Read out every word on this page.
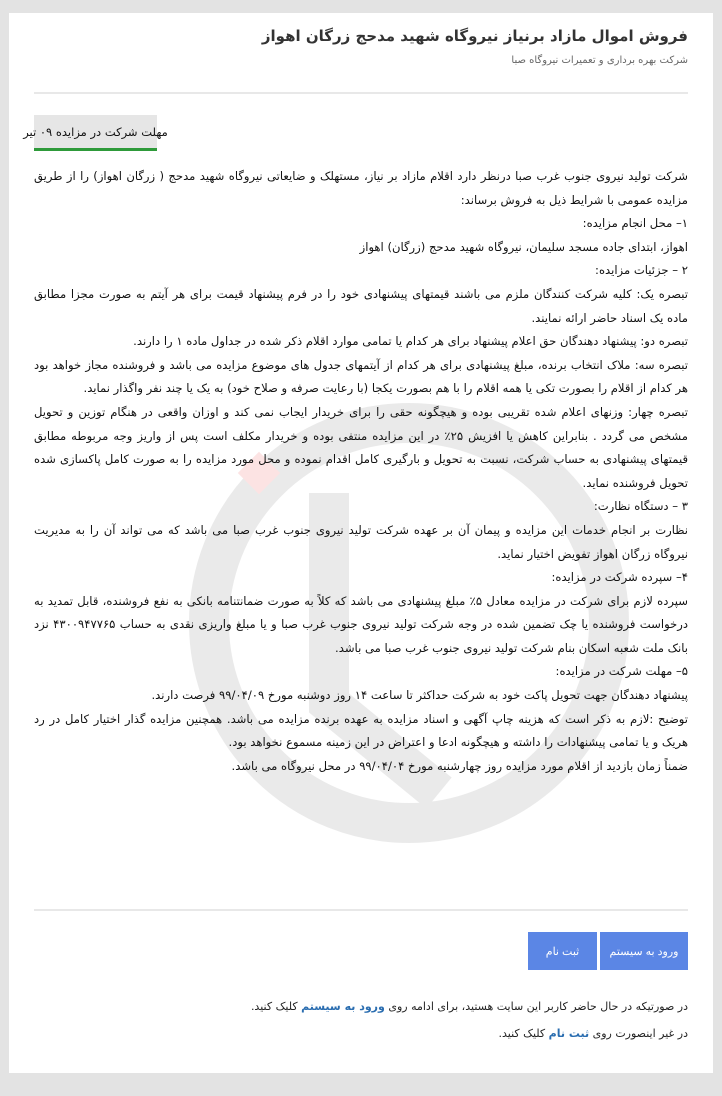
فروش اموال مازاد برنیاز نیروگاه شهید مدحج زرگان اهواز
شرکت بهره برداری و تعمیرات نیروگاه صبا
مهلت شرکت در مزایده ۰۹ تیر

شرکت تولید نیروی جنوب غرب صبا درنظر دارد اقلام مازاد بر نیاز، مستهلک و ضایعاتی نیروگاه شهید مدحج ( زرگان اهواز) را از طریق مزایده عمومی با شرایط ذیل به فروش برساند:

۱– محل انجام مزایده:

اهواز، ابتدای جاده مسجد سلیمان، نیروگاه شهید مدحج (زرگان) اهواز

۲ – جزئیات مزایده:

تبصره یک: کلیه شرکت کنندگان ملزم می باشند قیمتهای پیشنهادی خود را در فرم پیشنهاد قیمت برای هر آیتم به صورت مجزا مطابق ماده یک اسناد حاضر ارائه نمایند.

تبصره دو: پیشنهاد دهندگان حق اعلام پیشنهاد برای هر کدام یا تمامی موارد اقلام ذکر شده در جداول ماده ۱ را دارند.

تبصره سه: ملاک انتخاب برنده، مبلغ پیشنهادی برای هر کدام از آیتمهای جدول های موضوع مزایده می باشد و فروشنده مجاز خواهد بود هر کدام از اقلام را بصورت تکی یا همه اقلام را با هم بصورت یکجا (با رعایت صرفه و صلاح خود) به یک یا چند نفر واگذار نماید.

تبصره چهار: وزنهای اعلام شده تقریبی بوده و هیچگونه حقی را برای خریدار ایجاب نمی کند و اوزان واقعی در هنگام توزین و تحویل مشخص می گردد . بنابراین کاهش یا افزیش ۲۵٪ در این مزایده منتفی بوده و خریدار مکلف است پس از واریز وجه مربوطه مطابق قیمتهای پیشنهادی به حساب شرکت، نسبت به تحویل و بارگیری کامل اقدام نموده و محل مورد مزایده را به صورت کامل پاکسازی شده تحویل فروشنده نماید.

۳ – دستگاه نظارت:

نظارت بر انجام خدمات این مزایده و پیمان آن بر عهده شرکت تولید نیروی جنوب غرب صبا می باشد که می تواند آن را به مدیریت نیروگاه زرگان اهواز تفویض اختیار نماید.

۴– سپرده شرکت در مزایده:

سپرده لازم برای شرکت در مزایده معادل ۵٪ مبلغ پیشنهادی می باشد که کلاً به صورت ضمانتنامه بانکی به نفع فروشنده، قابل تمدید به درخواست فروشنده یا چک تضمین شده در وجه شرکت تولید نیروی جنوب غرب صبا و یا مبلغ واریزی نقدی به حساب ۴۳۰۰۹۴۷۷۶۵ نزد بانک ملت شعبه اسکان بنام شرکت تولید نیروی جنوب غرب صبا می باشد.

۵– مهلت شرکت در مزایده:

پیشنهاد دهندگان جهت تحویل پاکت خود به شرکت حداکثر تا ساعت ۱۴ روز دوشنبه مورخ ۹۹/۰۴/۰۹ فرصت دارند.

توضیح :لازم به ذکر است که هزینه چاپ آگهی و اسناد مزایده به عهده برنده مزایده می باشد. همچنین مزایده گذار اختیار کامل در رد هریک و یا تمامی پیشنهادات را داشته و هیچگونه ادعا و اعتراض در این زمینه مسموع نخواهد بود.

ضمناً زمان بازدید از اقلام مورد مزایده روز چهارشنبه مورخ ۹۹/۰۴/۰۴ در محل نیروگاه می باشد.

ورود به سیستم
ثبت نام

در صورتیکه در حال حاضر کاربر این سایت هستید، برای ادامه روی ورود به سیستم کلیک کنید.

در غیر اینصورت روی ثبت نام کلیک کنید.
